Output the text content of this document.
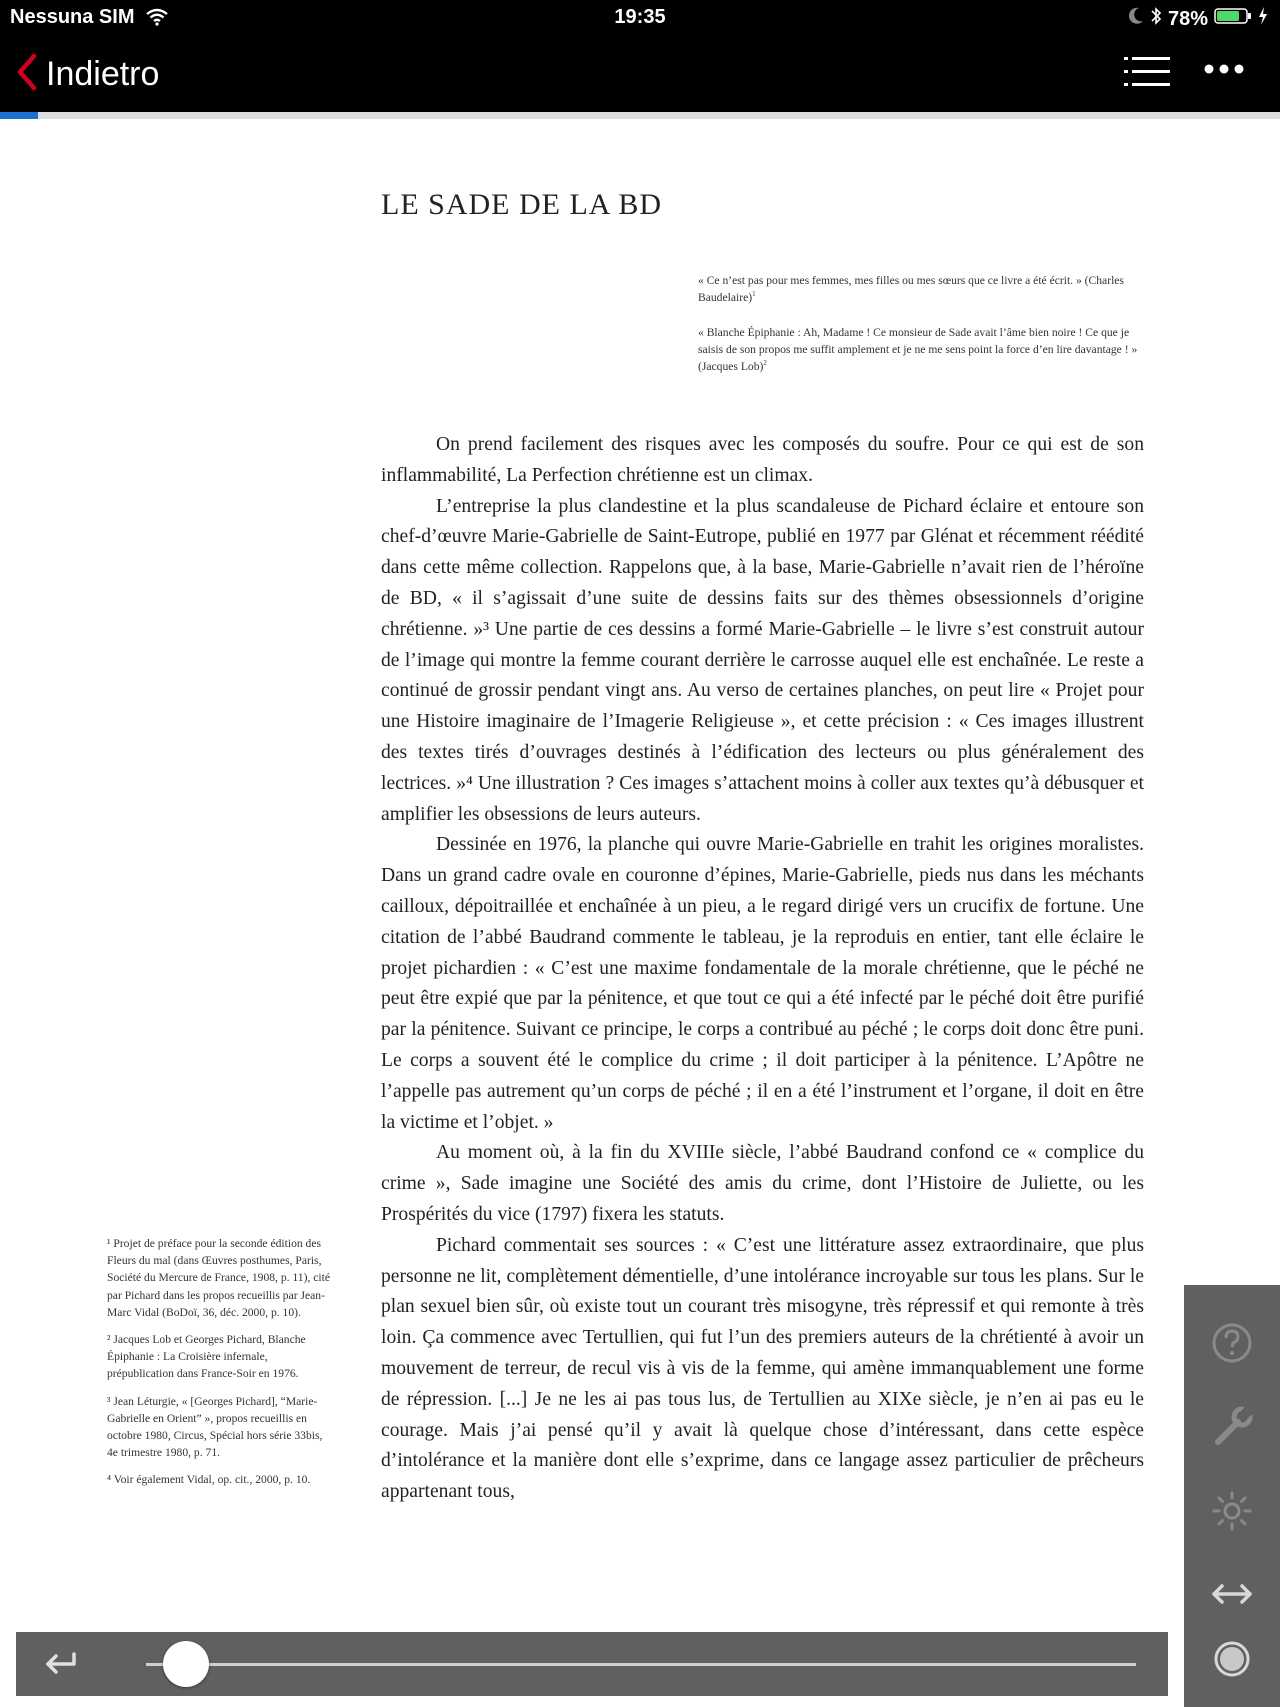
Nessuna SIM	19:35	78%
Indietro
LE SADE DE LA BD
« Ce n’est pas pour mes femmes, mes filles ou mes sœurs que ce livre a été écrit. » (Charles Baudelaire)$^1$
« Blanche Épiphanie : Ah, Madame ! Ce monsieur de Sade avait l’âme bien noire ! Ce que je saisis de son propos me suffit amplement et je ne me sens point la force d’en lire davantage ! » (Jacques Lob)$^2$

On prend facilement des risques avec les composés du soufre. Pour ce qui est de son inflammabilité, La Perfection chrétienne est un climax.

L’entreprise la plus clandestine et la plus scandaleuse de Pichard éclaire et entoure son chef-d’œuvre Marie-Gabrielle de Saint-Eutrope, publié en 1977 par Glénat et récemment réédité dans cette même collection. Rappelons que, à la base, Marie-Gabrielle n’avait rien de l’héroïne de BD, « il s’agissait d’une suite de dessins faits sur des thèmes obsessionnels d’origine chrétienne. »³ Une partie de ces dessins a formé Marie-Gabrielle – le livre s’est construit autour de l’image qui montre la femme courant derrière le carrosse auquel elle est enchaînée. Le reste a continué de grossir pendant vingt ans. Au verso de certaines planches, on peut lire « Projet pour une Histoire imaginaire de l’Imagerie Religieuse », et cette précision : « Ces images illustrent des textes tirés d’ouvrages destinés à l’édification des lecteurs ou plus généralement des lectrices. »⁴ Une illustration ? Ces images s’attachent moins à coller aux textes qu’à débusquer et amplifier les obsessions de leurs auteurs.

Dessinée en 1976, la planche qui ouvre Marie-Gabrielle en trahit les origines moralistes. Dans un grand cadre ovale en couronne d’épines, Marie-Gabrielle, pieds nus dans les méchants cailloux, dépoitraillée et enchaînée à un pieu, a le regard dirigé vers un crucifix de fortune. Une citation de l’abbé Baudrand commente le tableau, je la reproduis en entier, tant elle éclaire le projet pichardien : « C’est une maxime fondamentale de la morale chrétienne, que le péché ne peut être expié que par la pénitence, et que tout ce qui a été infecté par le péché doit être purifié par la pénitence. Suivant ce principe, le corps a contribué au péché ; le corps doit donc être puni. Le corps a souvent été le complice du crime ; il doit participer à la pénitence. L’Apôtre ne l’appelle pas autrement qu’un corps de péché ; il en a été l’instrument et l’organe, il doit en être la victime et l’objet. »

Au moment où, à la fin du XVIIIe siècle, l’abbé Baudrand confond ce « complice du crime », Sade imagine une Société des amis du crime, dont l’Histoire de Juliette, ou les Prospérités du vice (1797) fixera les statuts.

Pichard commentait ses sources : « C’est une littérature assez extraordinaire, que plus personne ne lit, complètement démentielle, d’une intolérance incroyable sur tous les plans. Sur le plan sexuel bien sûr, où existe tout un courant très misogyne, très répressif et qui remonte à très loin. Ça commence avec Tertullien, qui fut l’un des premiers auteurs de la chrétienté à avoir un mouvement de terreur, de recul vis à vis de la femme, qui amène immanquablement une forme de répression. [...] Je ne les ai pas tous lus, de Tertullien au XIXe siècle, je n’en ai pas eu le courage. Mais j’ai pensé qu’il y avait là quelque chose d’intéressant, dans cette espèce d’intolérance et la manière dont elle s’exprime, dans ce langage assez particulier de prêcheurs appartenant tous,

¹ Projet de préface pour la seconde édition des Fleurs du mal (dans Œuvres posthumes, Paris, Société du Mercure de France, 1908, p. 11), cité par Pichard dans les propos recueillis par Jean-Marc Vidal (BoDoï, 36, déc. 2000, p. 10).

² Jacques Lob et Georges Pichard, Blanche Épiphanie : La Croisière infernale, prépublication dans France-Soir en 1976.

³ Jean Léturgie, « [Georges Pichard], “Marie-Gabrielle en Orient” », propos recueillis en octobre 1980, Circus, Spécial hors série 33bis, 4e trimestre 1980, p. 71.

⁴ Voir également Vidal, op. cit., 2000, p. 10.
